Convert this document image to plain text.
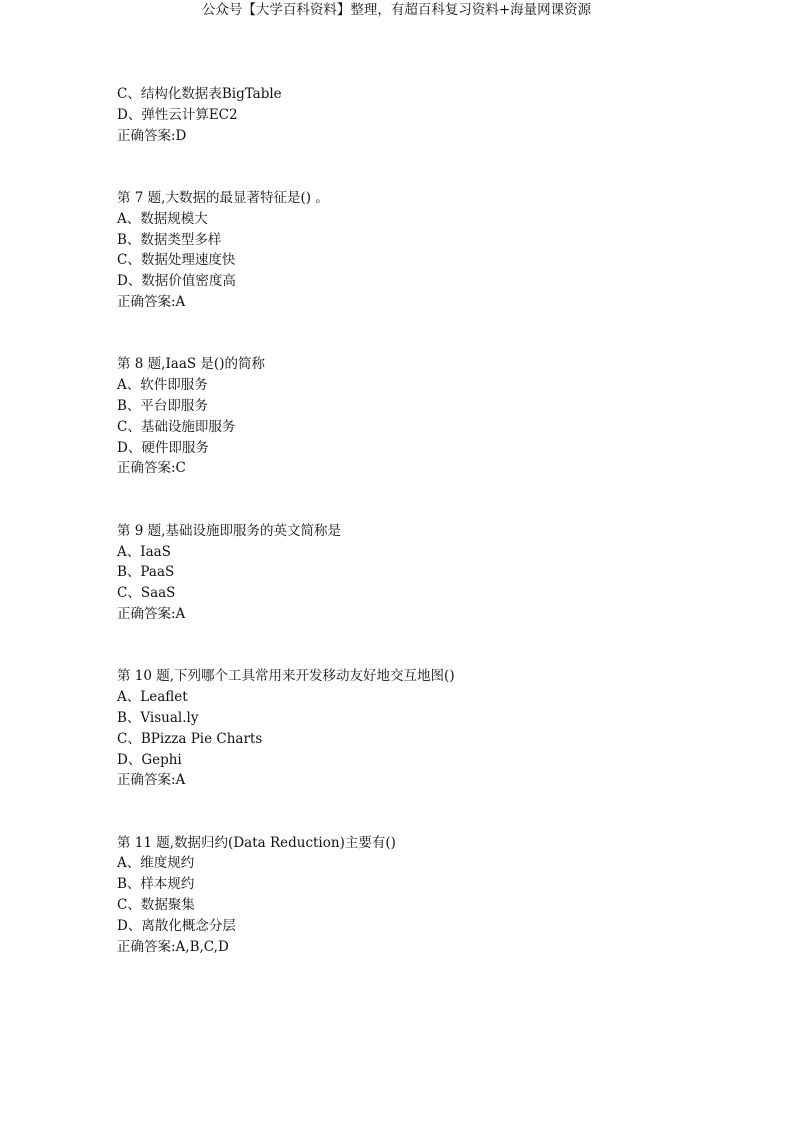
公众号【大学百科资料】整理，有超百科复习资料+海量网课资源
C、结构化数据表BigTable
D、弹性云计算EC2
正确答案:D
第 7 题,大数据的最显著特征是() 。
A、数据规模大
B、数据类型多样
C、数据处理速度快
D、数据价值密度高
正确答案:A
第 8 题,IaaS 是()的简称
A、软件即服务
B、平台即服务
C、基础设施即服务
D、硬件即服务
正确答案:C
第 9 题,基础设施即服务的英文简称是
A、IaaS
B、PaaS
C、SaaS
正确答案:A
第 10 题,下列哪个工具常用来开发移动友好地交互地图()
A、Leaflet
B、Visual.ly
C、BPizza Pie Charts
D、Gephi
正确答案:A
第 11 题,数据归约(Data Reduction)主要有()
A、维度规约
B、样本规约
C、数据聚集
D、离散化概念分层
正确答案:A,B,C,D
